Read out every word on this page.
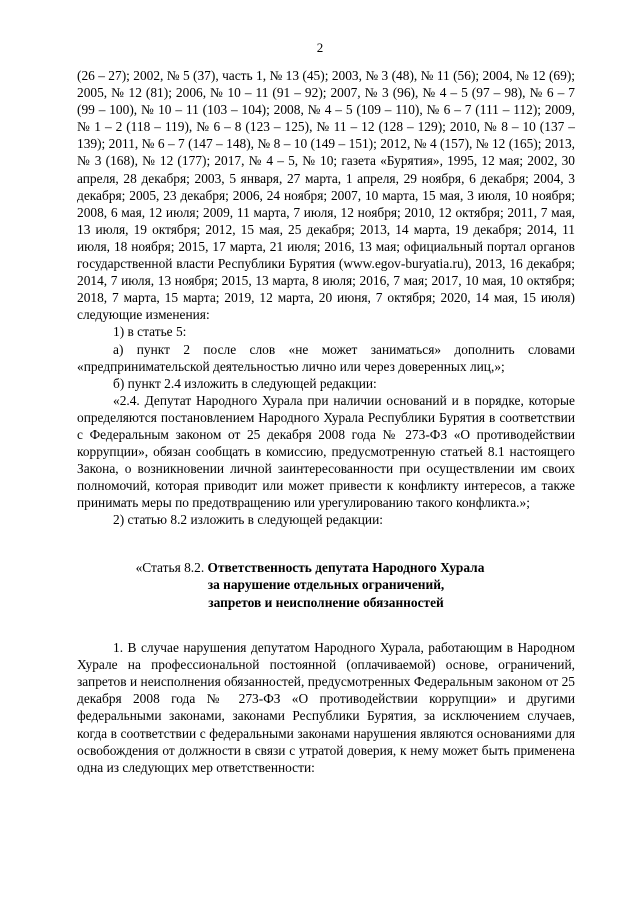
2

(26 – 27); 2002, № 5 (37), часть 1, № 13 (45); 2003, № 3 (48), № 11 (56); 2004, № 12 (69); 2005, № 12 (81); 2006, № 10 – 11 (91 – 92); 2007, № 3 (96), № 4 – 5 (97 – 98), № 6 – 7 (99 – 100), № 10 – 11 (103 – 104); 2008, № 4 – 5 (109 – 110), № 6 – 7 (111 – 112); 2009, № 1 – 2 (118 – 119), № 6 – 8 (123 – 125), № 11 – 12 (128 – 129); 2010, № 8 – 10 (137 – 139); 2011, № 6 – 7 (147 – 148), № 8 – 10 (149 – 151); 2012, № 4 (157), № 12 (165); 2013, № 3 (168), № 12 (177); 2017, № 4 – 5, № 10; газета «Бурятия», 1995, 12 мая; 2002, 30 апреля, 28 декабря; 2003, 5 января, 27 марта, 1 апреля, 29 ноября, 6 декабря; 2004, 3 декабря; 2005, 23 декабря; 2006, 24 ноября; 2007, 10 марта, 15 мая, 3 июля, 10 ноября; 2008, 6 мая, 12 июля; 2009, 11 марта, 7 июля, 12 ноября; 2010, 12 октября; 2011, 7 мая, 13 июля, 19 октября; 2012, 15 мая, 25 декабря; 2013, 14 марта, 19 декабря; 2014, 11 июля, 18 ноября; 2015, 17 марта, 21 июля; 2016, 13 мая; официальный портал органов государственной власти Республики Бурятия (www.egov-buryatia.ru), 2013, 16 декабря; 2014, 7 июля, 13 ноября; 2015, 13 марта, 8 июля; 2016, 7 мая; 2017, 10 мая, 10 октября; 2018, 7 марта, 15 марта; 2019, 12 марта, 20 июня, 7 октября; 2020, 14 мая, 15 июля) следующие изменения:

1) в статье 5:

а) пункт 2 после слов «не может заниматься» дополнить словами «предпринимательской деятельностью лично или через доверенных лиц,»;

б) пункт 2.4 изложить в следующей редакции:

«2.4. Депутат Народного Хурала при наличии оснований и в порядке, которые определяются постановлением Народного Хурала Республики Бурятия в соответствии с Федеральным законом от 25 декабря 2008 года № 273-ФЗ «О противодействии коррупции», обязан сообщать в комиссию, предусмотренную статьей 8.1 настоящего Закона, о возникновении личной заинтересованности при осуществлении им своих полномочий, которая приводит или может привести к конфликту интересов, а также принимать меры по предотвращению или урегулированию такого конфликта.»;

2) статью 8.2 изложить в следующей редакции:

«Статья 8.2. Ответственность депутата Народного Хурала
за нарушение отдельных ограничений,
запретов и неисполнение обязанностей

1. В случае нарушения депутатом Народного Хурала, работающим в Народном Хурале на профессиональной постоянной (оплачиваемой) основе, ограничений, запретов и неисполнения обязанностей, предусмотренных Федеральным законом от 25 декабря 2008 года № 273-ФЗ «О противодействии коррупции» и другими федеральными законами, законами Республики Бурятия, за исключением случаев, когда в соответствии с федеральными законами нарушения являются основаниями для освобождения от должности в связи с утратой доверия, к нему может быть применена одна из следующих мер ответственности:
